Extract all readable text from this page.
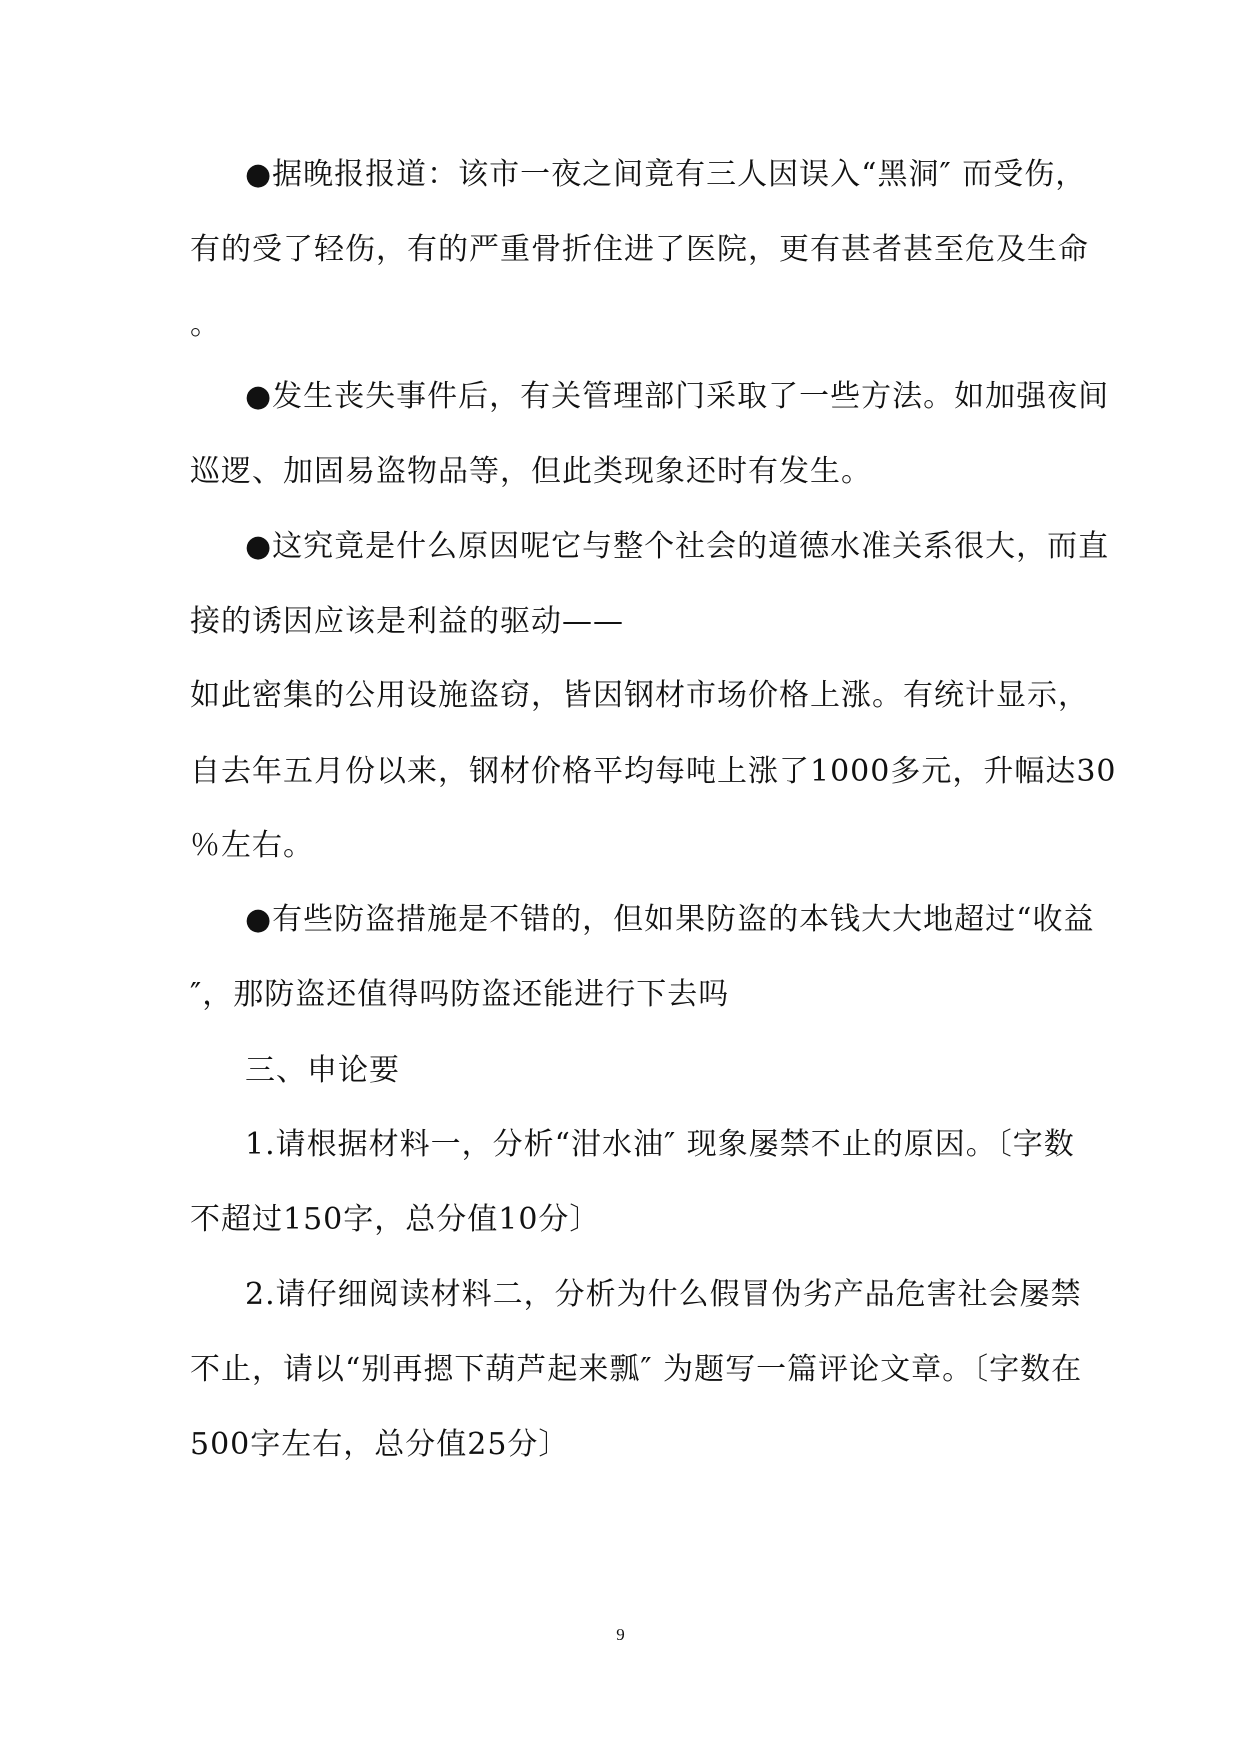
●据晚报报道：该市一夜之间竟有三人因误入“黑洞″ 而受伤，
有的受了轻伤，有的严重骨折住进了医院，更有甚者甚至危及生命
。
●发生丧失事件后，有关管理部门采取了一些方法。如加强夜间
巡逻、加固易盗物品等，但此类现象还时有发生。
●这究竟是什么原因呢它与整个社会的道德水准关系很大，而直
接的诱因应该是利益的驱动——
如此密集的公用设施盗窃，皆因钢材市场价格上涨。有统计显示，
自去年五月份以来，钢材价格平均每吨上涨了1000多元，升幅达30
％左右。
●有些防盗措施是不错的，但如果防盗的本钱大大地超过“收益
″，那防盗还值得吗防盗还能进行下去吗
三、申论要
1.请根据材料一，分析“泔水油″ 现象屡禁不止的原因。〔字数
不超过150字，总分值10分〕
2.请仔细阅读材料二，分析为什么假冒伪劣产品危害社会屡禁
不止，请以“别再摁下葫芦起来瓢″ 为题写一篇评论文章。〔字数在
500字左右，总分值25分〕
9
